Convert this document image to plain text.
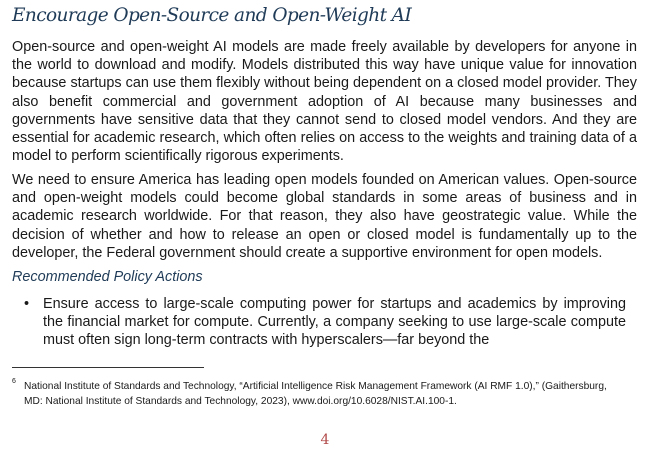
Encourage Open-Source and Open-Weight AI

Open-source and open-weight AI models are made freely available by developers for anyone in the world to download and modify. Models distributed this way have unique value for innovation because startups can use them flexibly without being dependent on a closed model provider. They also benefit commercial and government adoption of AI because many businesses and governments have sensitive data that they cannot send to closed model vendors. And they are essential for academic research, which often relies on access to the weights and training data of a model to perform scientifically rigorous experiments.

We need to ensure America has leading open models founded on American values. Open-source and open-weight models could become global standards in some areas of business and in academic research worldwide. For that reason, they also have geostrategic value. While the decision of whether and how to release an open or closed model is fundamentally up to the developer, the Federal government should create a supportive environment for open models.

Recommended Policy Actions
• Ensure access to large-scale computing power for startups and academics by improving the financial market for compute. Currently, a company seeking to use large-scale compute must often sign long-term contracts with hyperscalers—far beyond the

6 National Institute of Standards and Technology, “Artificial Intelligence Risk Management Framework (AI RMF 1.0),” (Gaithersburg, MD: National Institute of Standards and Technology, 2023), www.doi.org/10.6028/NIST.AI.100-1.

4
